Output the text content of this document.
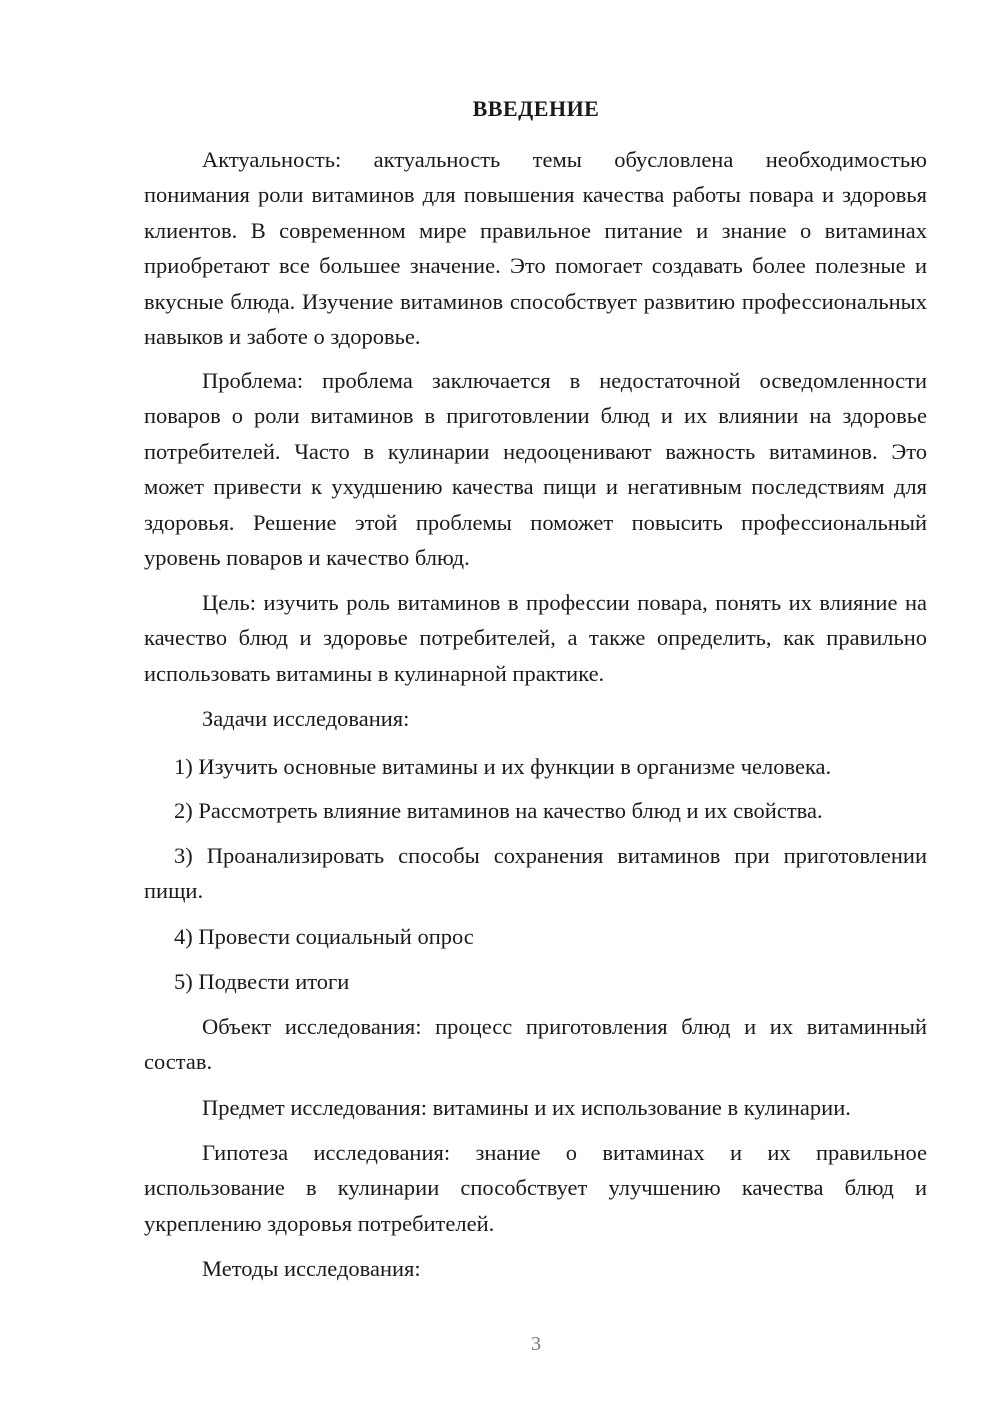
ВВЕДЕНИЕ

Актуальность: актуальность темы обусловлена необходимостью понимания роли витаминов для повышения качества работы повара и здоровья клиентов. В современном мире правильное питание и знание о витаминах приобретают все большее значение. Это помогает создавать более полезные и вкусные блюда. Изучение витаминов способствует развитию профессиональных навыков и заботе о здоровье.

Проблема: проблема заключается в недостаточной осведомленности поваров о роли витаминов в приготовлении блюд и их влиянии на здоровье потребителей. Часто в кулинарии недооценивают важность витаминов. Это может привести к ухудшению качества пищи и негативным последствиям для здоровья. Решение этой проблемы поможет повысить профессиональный уровень поваров и качество блюд.

Цель: изучить роль витаминов в профессии повара, понять их влияние на качество блюд и здоровье потребителей, а также определить, как правильно использовать витамины в кулинарной практике.

Задачи исследования:

1) Изучить основные витамины и их функции в организме человека.

2) Рассмотреть влияние витаминов на качество блюд и их свойства.

3) Проанализировать способы сохранения витаминов при приготовлении пищи.

4) Провести социальный опрос

5) Подвести итоги

Объект исследования: процесс приготовления блюд и их витаминный состав.

Предмет исследования: витамины и их использование в кулинарии.

Гипотеза исследования: знание о витаминах и их правильное использование в кулинарии способствует улучшению качества блюд и укреплению здоровья потребителей.

Методы исследования:

3
